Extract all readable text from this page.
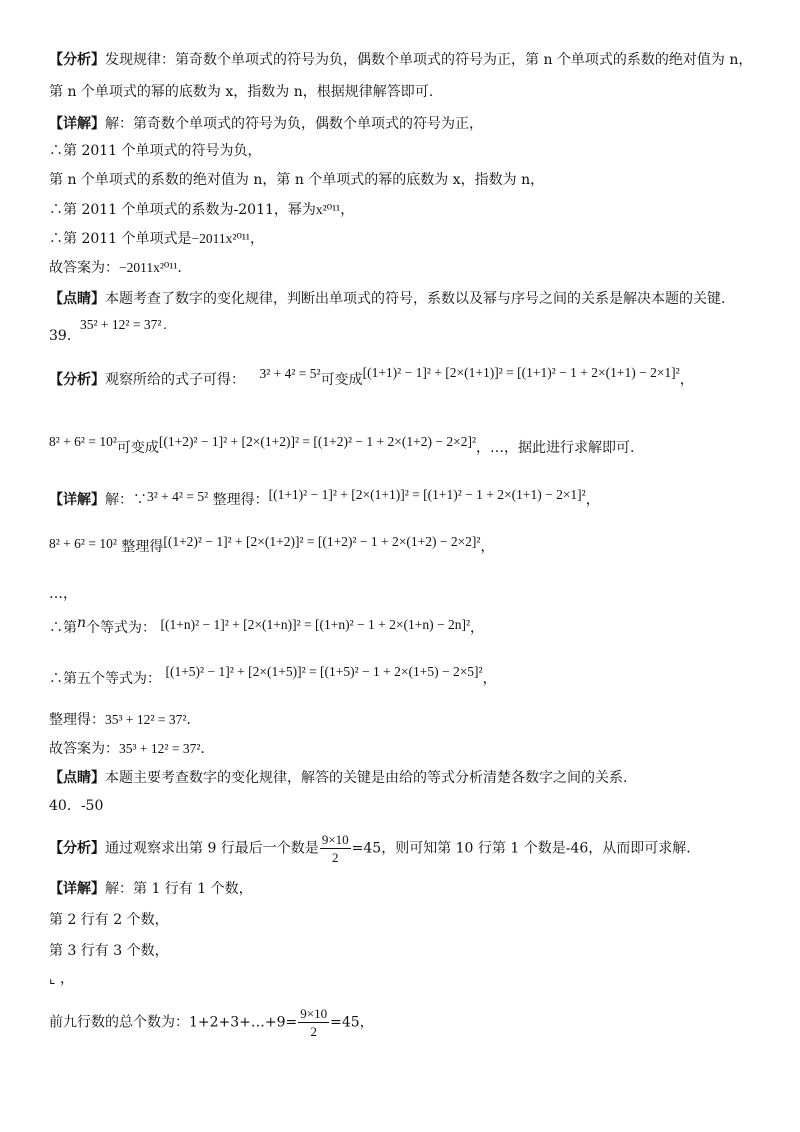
【分析】发现规律：第奇数个单项式的符号为负，偶数个单项式的符号为正，第 n 个单项式的系数的绝对值为 n，
第 n 个单项式的幂的底数为 x，指数为 n，根据规律解答即可.
【详解】解：第奇数个单项式的符号为负，偶数个单项式的符号为正，
∴第 2011 个单项式的符号为负，
第 n 个单项式的系数的绝对值为 n，第 n 个单项式的幂的底数为 x，指数为 n，
∴第 2011 个单项式的系数为-2011，幂为x²⁰¹¹，
∴第 2011 个单项式是−2011x²⁰¹¹，
故答案为：−2011x²⁰¹¹.
【点睛】本题考查了数字的变化规律，判断出单项式的符号，系数以及幂与序号之间的关系是解决本题的关键.
39．
35² + 12² = 37² .
【分析】观察所给的式子可得： 3² + 4² = 5²可变成[(1+1)² − 1]² + [2×(1+1)]² = [(1+1)² − 1 + 2×(1+1) − 2×1]²，
8² + 6² = 10²可变成[(1+2)² − 1]² + [2×(1+2)]² = [(1+2)² − 1 + 2×(1+2) − 2×2]²，…，据此进行求解即可.
【详解】解：∵3² + 4² = 5² 整理得：[(1+1)² − 1]² + [2×(1+1)]² = [(1+1)² − 1 + 2×(1+1) − 2×1]²，
8² + 6² = 10² 整理得[(1+2)² − 1]² + [2×(1+2)]² = [(1+2)² − 1 + 2×(1+2) − 2×2]²，
…，
∴第n个等式为： [(1+n)² − 1]² + [2×(1+n)]² = [(1+n)² − 1 + 2×(1+n) − 2n]²，
∴第五个等式为： [(1+5)² − 1]² + [2×(1+5)]² = [(1+5)² − 1 + 2×(1+5) − 2×5]²，
整理得：35³ + 12² = 37².
故答案为：35³ + 12² = 37².
【点睛】本题主要考查数字的变化规律，解答的关键是由给的等式分析清楚各数字之间的关系.
40．-50
【分析】通过观察求出第 9 行最后一个数是 $\frac{9\times 10}{2} =45$，则可知第 10 行第 1 个数是-46，从而即可求解.
【详解】解：第 1 行有 1 个数，
第 2 行有 2 个数，
第 3 行有 3 个数，
⌞ ，
前九行数的总个数为：1+2+3+…+9= $\frac{9\times 10}{2} =45$，
